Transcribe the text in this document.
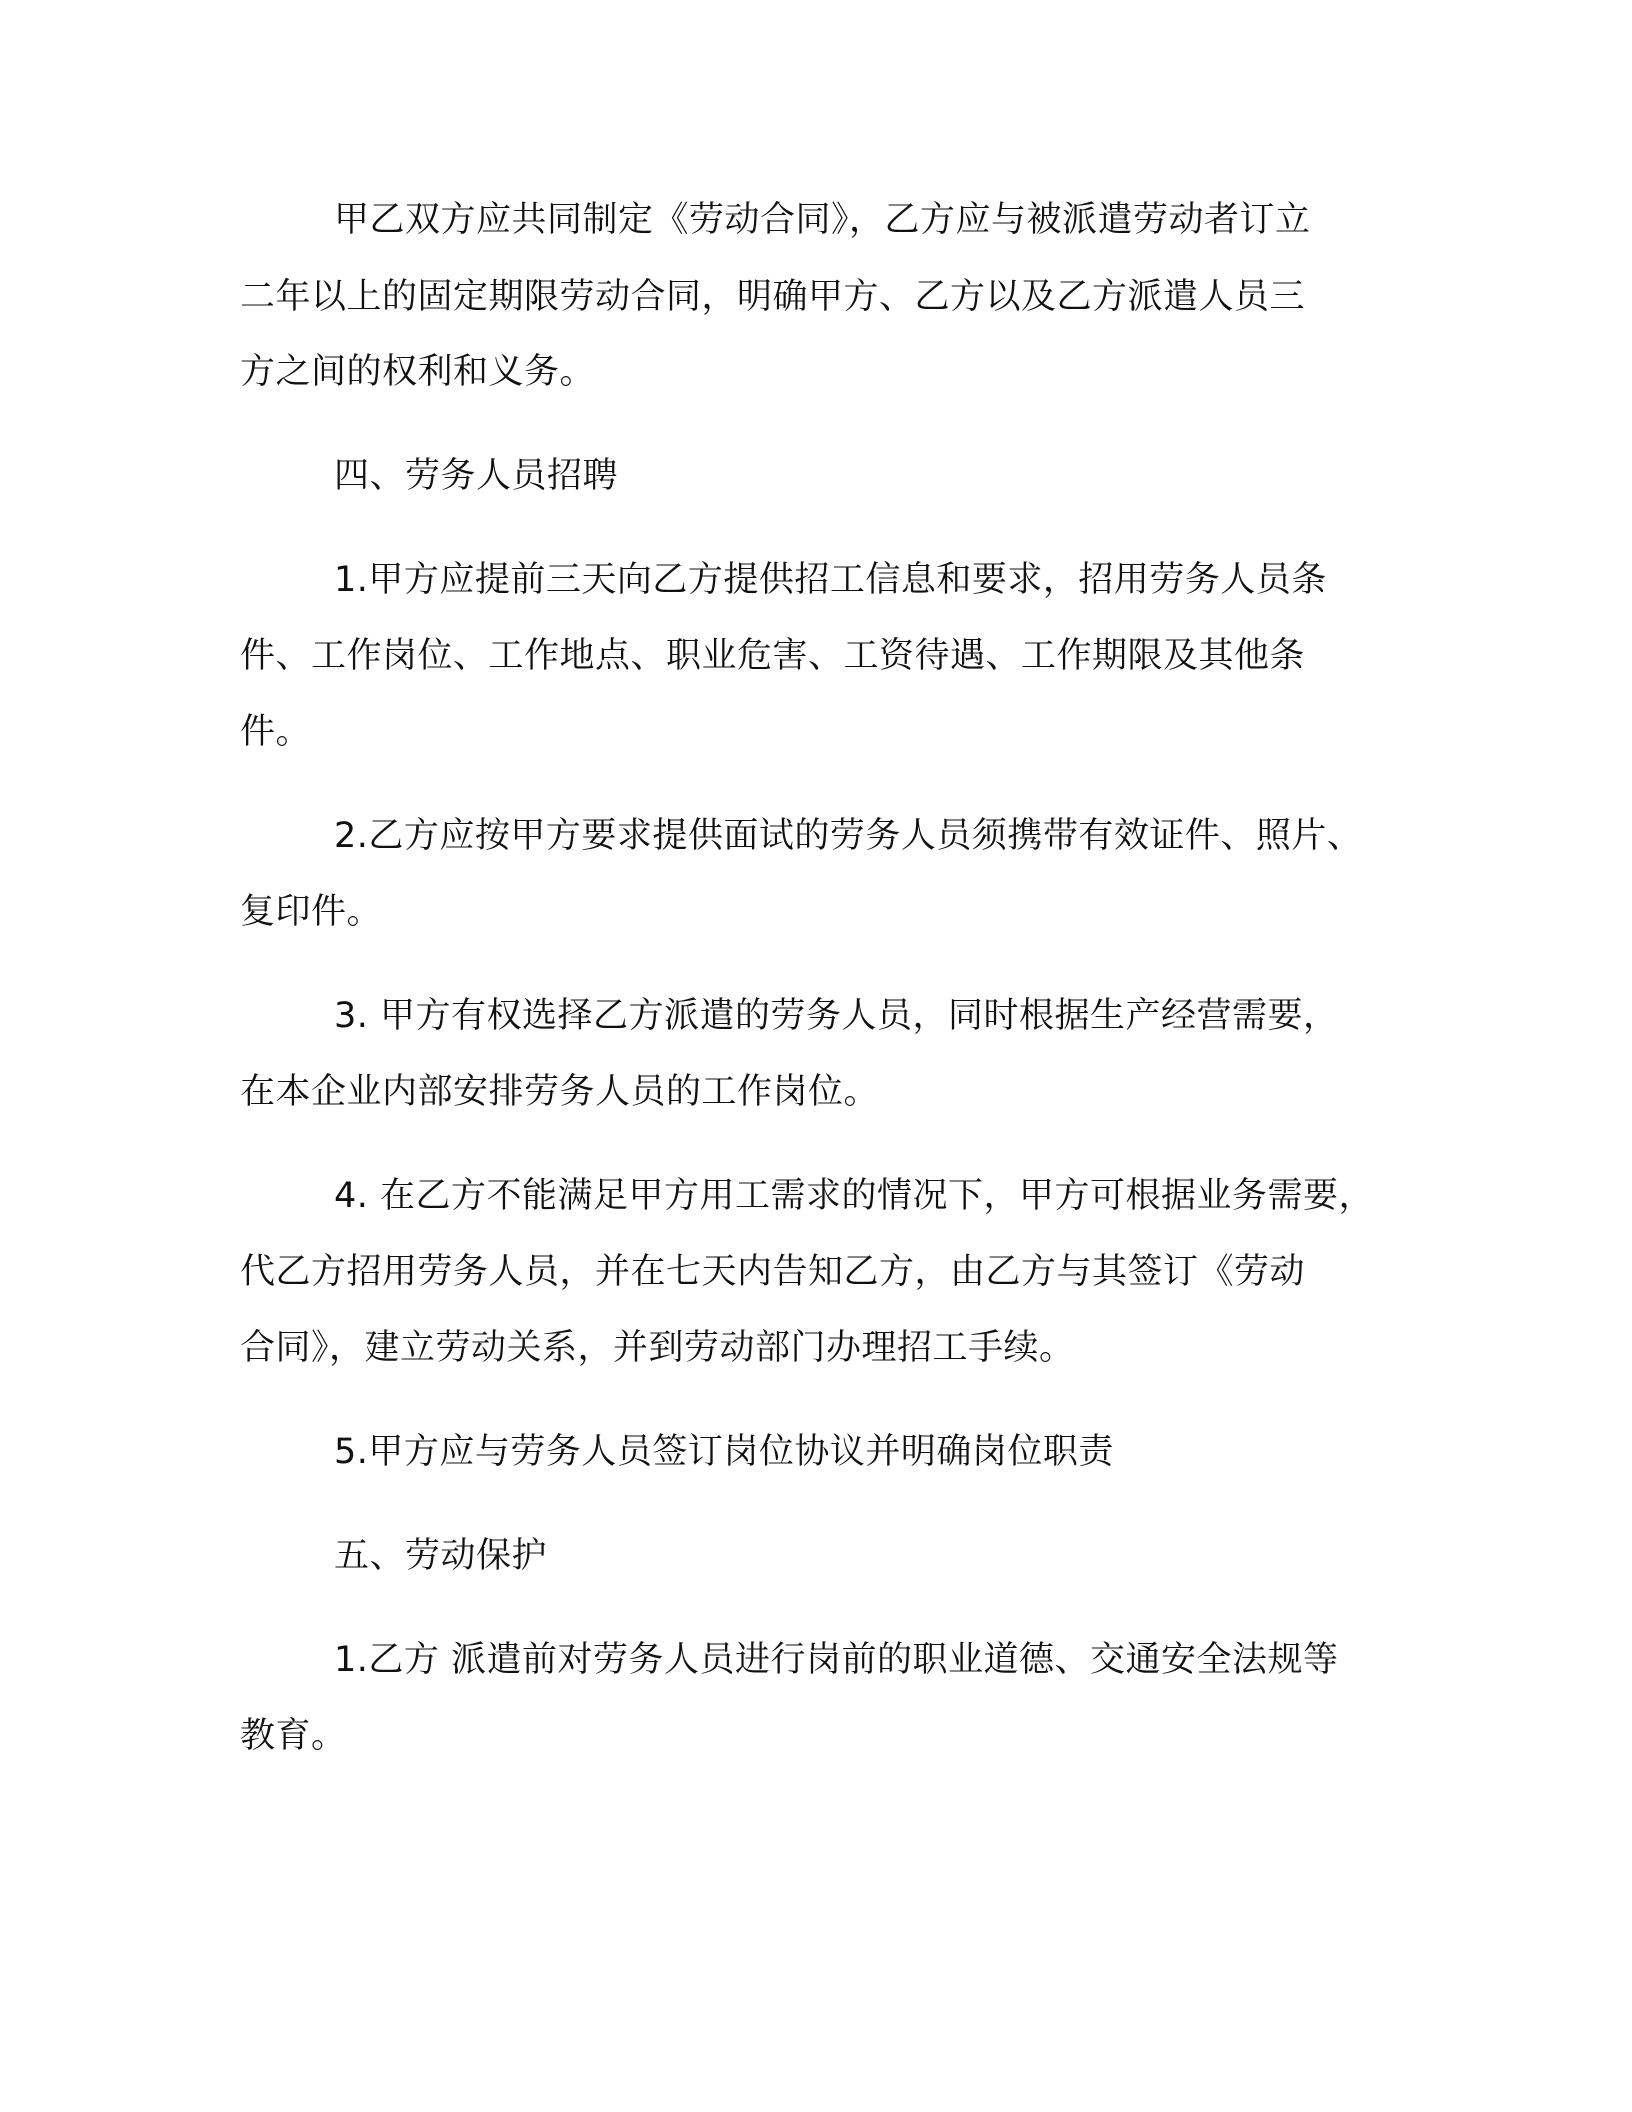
甲乙双方应共同制定《劳动合同》，乙方应与被派遣劳动者订立
二年以上的固定期限劳动合同，明确甲方、乙方以及乙方派遣人员三
方之间的权利和义务。
四、劳务人员招聘
1.甲方应提前三天向乙方提供招工信息和要求，招用劳务人员条
件、工作岗位、工作地点、职业危害、工资待遇、工作期限及其他条
件。
2.乙方应按甲方要求提供面试的劳务人员须携带有效证件、照片、
复印件。
3. 甲方有权选择乙方派遣的劳务人员，同时根据生产经营需要，
在本企业内部安排劳务人员的工作岗位。
4. 在乙方不能满足甲方用工需求的情况下，甲方可根据业务需要，
代乙方招用劳务人员，并在七天内告知乙方，由乙方与其签订《劳动
合同》，建立劳动关系，并到劳动部门办理招工手续。
5.甲方应与劳务人员签订岗位协议并明确岗位职责
五、劳动保护
1.乙方 派遣前对劳务人员进行岗前的职业道德、交通安全法规等
教育。
